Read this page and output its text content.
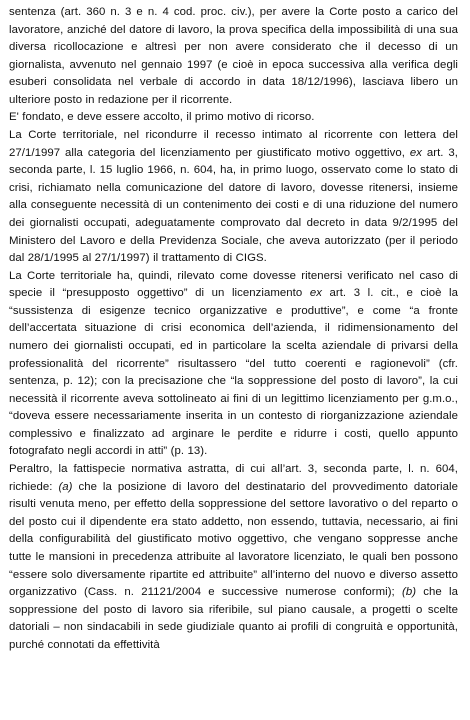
sentenza (art. 360 n. 3 e n. 4 cod. proc. civ.), per avere la Corte posto a carico del lavoratore, anziché del datore di lavoro, la prova specifica della impossibilità di una sua diversa ricollocazione e altresì per non avere considerato che il decesso di un giornalista, avvenuto nel gennaio 1997 (e cioè in epoca successiva alla verifica degli esuberi consolidata nel verbale di accordo in data 18/12/1996), lasciava libero un ulteriore posto in redazione per il ricorrente.

E' fondato, e deve essere accolto, il primo motivo di ricorso.

La Corte territoriale, nel ricondurre il recesso intimato al ricorrente con lettera del 27/1/1997 alla categoria del licenziamento per giustificato motivo oggettivo, ex art. 3, seconda parte, l. 15 luglio 1966, n. 604, ha, in primo luogo, osservato come lo stato di crisi, richiamato nella comunicazione del datore di lavoro, dovesse ritenersi, insieme alla conseguente necessità di un contenimento dei costi e di una riduzione del numero dei giornalisti occupati, adeguatamente comprovato dal decreto in data 9/2/1995 del Ministero del Lavoro e della Previdenza Sociale, che aveva autorizzato (per il periodo dal 28/1/1995 al 27/1/1997) il trattamento di CIGS.

La Corte territoriale ha, quindi, rilevato come dovesse ritenersi verificato nel caso di specie il “presupposto oggettivo” di un licenziamento ex art. 3 l. cit., e cioè la “sussistenza di esigenze tecnico organizzative e produttive”, e come “a fronte dell’accertata situazione di crisi economica dell’azienda, il ridimensionamento del numero dei giornalisti occupati, ed in particolare la scelta aziendale di privarsi della professionalità del ricorrente” risultassero “del tutto coerenti e ragionevoli” (cfr. sentenza, p. 12); con la precisazione che “la soppressione del posto di lavoro”, la cui necessità il ricorrente aveva sottolineato ai fini di un legittimo licenziamento per g.m.o., “doveva essere necessariamente inserita in un contesto di riorganizzazione aziendale complessivo e finalizzato ad arginare le perdite e ridurre i costi, quello appunto fotografato negli accordi in atti” (p. 13).

Peraltro, la fattispecie normativa astratta, di cui all’art. 3, seconda parte, l. n. 604, richiede: (a) che la posizione di lavoro del destinatario del provvedimento datoriale risulti venuta meno, per effetto della soppressione del settore lavorativo o del reparto o del posto cui il dipendente era stato addetto, non essendo, tuttavia, necessario, ai fini della configurabilità del giustificato motivo oggettivo, che vengano soppresse anche tutte le mansioni in precedenza attribuite al lavoratore licenziato, le quali ben possono “essere solo diversamente ripartite ed attribuite” all’interno del nuovo e diverso assetto organizzativo (Cass. n. 21121/2004 e successive numerose conformi); (b) che la soppressione del posto di lavoro sia riferibile, sul piano causale, a progetti o scelte datoriali – non sindacabili in sede giudiziale quanto ai profili di congruità e opportunità, purché connotati da effettività
